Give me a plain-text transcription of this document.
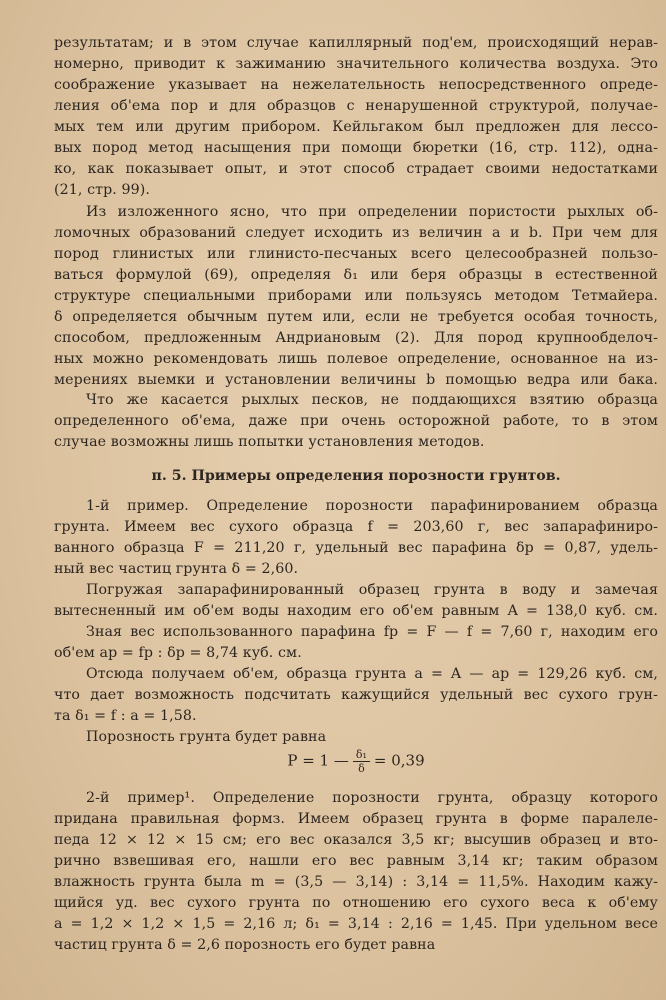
результатам; и в этом случае капиллярный под'ем, происходящий нерав-
номерно, приводит к зажиманию значительного количества воздуха. Это
соображение указывает на нежелательность непосредственного опреде-
ления об'ема пор и для образцов с ненарушенной структурой, получае-
мых тем или другим прибором. Кейльгаком был предложен для лессо-
вых пород метод насыщения при помощи бюретки (16, стр. 112), одна-
ко, как показывает опыт, и этот способ страдает своими недостатками
(21, стр. 99).
Из изложенного ясно, что при определении пористости рыхлых об-
ломочных образований следует исходить из величин a и b. При чем для
пород глинистых или глинисто-песчаных всего целесообразней пользо-
ваться формулой (69), определяя δ₁ или беря образцы в естественной
структуре специальными приборами или пользуясь методом Тетмайера.
δ определяется обычным путем или, если не требуется особая точность,
способом, предложенным Андриановым (2). Для пород крупнообделоч-
ных можно рекомендовать лишь полевое определение, основанное на из-
мерениях выемки и установлении величины b помощью ведра или бака.
Что же касается рыхлых песков, не поддающихся взятию образца
определенного об'ема, даже при очень осторожной работе, то в этом
случае возможны лишь попытки установления методов.
п. 5. Примеры определения порозности грунтов.
1-й пример. Определение порозности парафинированием образца
грунта. Имеем вес сухого образца f = 203,60 г, вес запарафиниро-
ванного образца F = 211,20 г, удельный вес парафина δp = 0,87, удель-
ный вес частиц грунта δ = 2,60.
Погружая запарафинированный образец грунта в воду и замечая
вытесненный им об'ем воды находим его об'ем равным A = 138,0 куб. см.
Зная вес использованного парафина fp = F — f = 7,60 г, находим его
об'ем ap = fp : δp = 8,74 куб. см.
Отсюда получаем об'ем, образца грунта a = A — ap = 129,26 куб. см,
что дает возможность подсчитать кажущийся удельный вес сухого грун-
та δ₁ = f : a = 1,58.
Порозность грунта будет равна
P = 1 — $\frac{\text{δ₁}}{\delta} = 0,39$
2-й пример¹. Определение порозности грунта, образцу которого
придана правильная формз. Имеем образец грунта в форме паралеле-
педа 12 × 12 × 15 см; его вес оказался 3,5 кг; высушив образец и вто-
рично взвешивая его, нашли его вес равным 3,14 кг; таким образом
влажность грунта была m = (3,5 — 3,14) : 3,14 = 11,5%. Находим кажу-
щийся уд. вес сухого грунта по отношению его сухого веса к об'ему
a = 1,2 × 1,2 × 1,5 = 2,16 л; δ₁ = 3,14 : 2,16 = 1,45. При удельном весе
частиц грунта δ = 2,6 порозность его будет равна
